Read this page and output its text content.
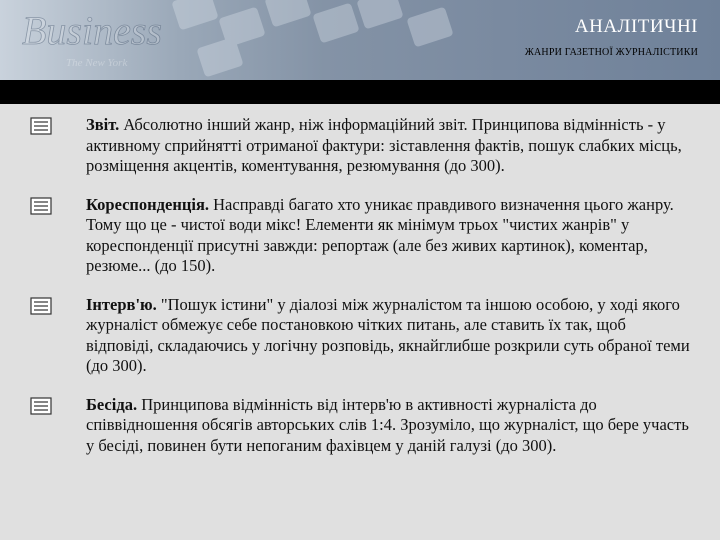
Business
The New York
АНАЛІТИЧНІ
ЖАНРИ ГАЗЕТНОЇ ЖУРНАЛІСТИКИ

Звіт. Абсолютно інший жанр, ніж інформаційний звіт. Принципова відмінність - у активному сприйнятті отриманої фактури: зіставлення фактів, пошук слабких місць, розміщення акцентів, коментування, резюмування (до 300).

Кореспонденція. Насправді багато хто уникає правдивого визначення цього жанру. Тому що це - чистої води мікс! Елементи як мінімум трьох "чистих жанрів" у кореспонденції присутні завжди: репортаж (але без живих картинок), коментар, резюме... (до 150).

Інтерв'ю. "Пошук істини" у діалозі між журналістом та іншою особою, у ході якого журналіст обмежує себе постановкою чітких питань, але ставить їх так, щоб відповіді, складаючись у логічну розповідь, якнайглибше розкрили суть обраної теми (до 300).

Бесіда. Принципова відмінність від інтерв'ю в активності журналіста до співвідношення обсягів авторських слів 1:4. Зрозуміло, що журналіст, що бере участь у бесіді, повинен бути непоганим фахівцем у даній галузі (до 300).
